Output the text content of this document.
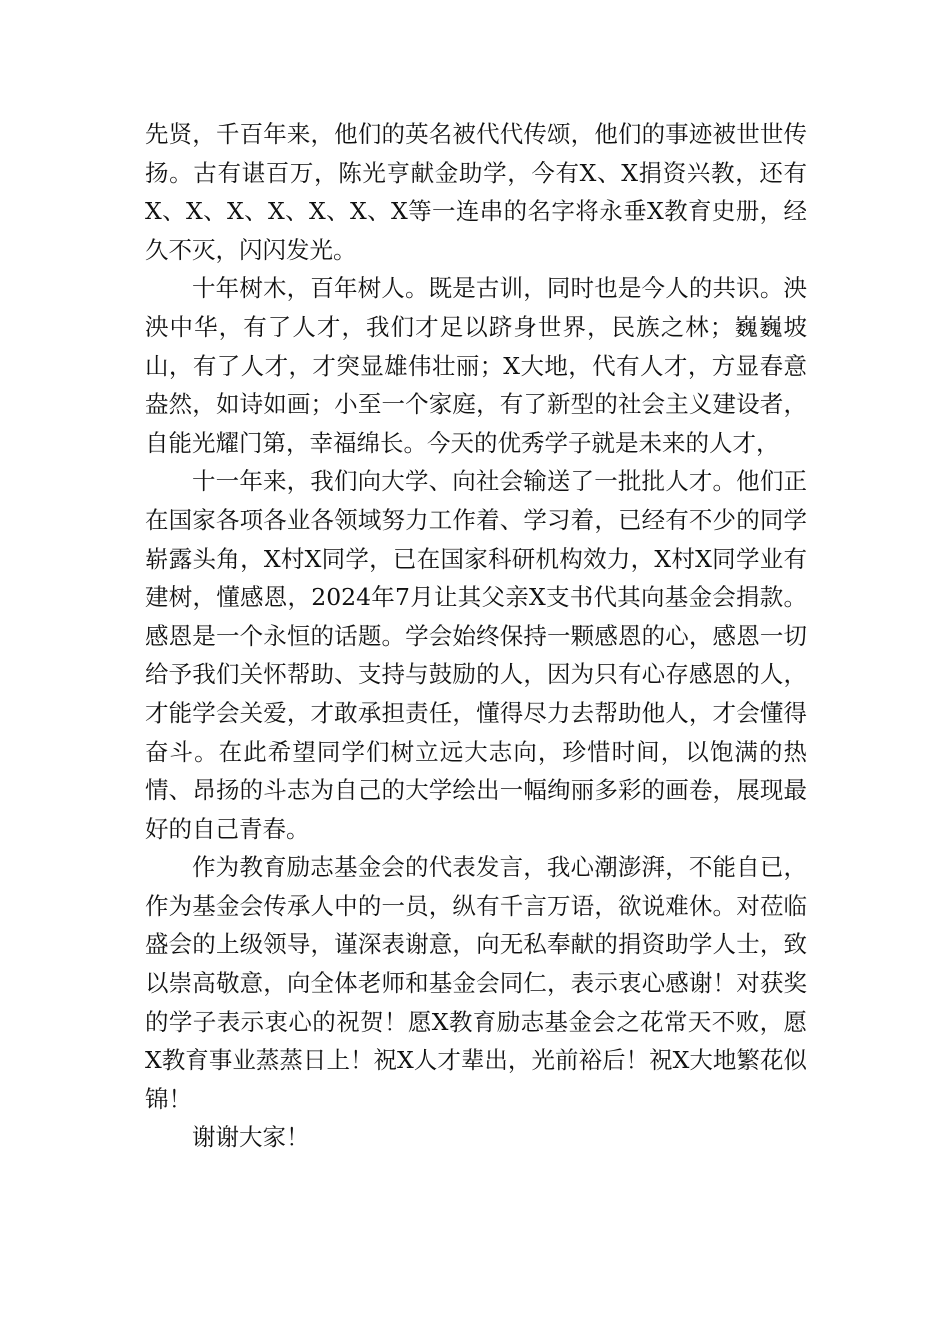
先贤，千百年来，他们的英名被代代传颂，他们的事迹被世世传扬。古有谌百万，陈光亨献金助学，今有X、X捐资兴教，还有X、X、X、X、X、X、X等一连串的名字将永垂X教育史册，经久不灭，闪闪发光。

十年树木，百年树人。既是古训，同时也是今人的共识。泱泱中华，有了人才，我们才足以跻身世界，民族之林；巍巍坡山，有了人才，才突显雄伟壮丽；X大地，代有人才，方显春意盎然，如诗如画；小至一个家庭，有了新型的社会主义建设者，自能光耀门第，幸福绵长。今天的优秀学子就是未来的人才，

十一年来，我们向大学、向社会输送了一批批人才。他们正在国家各项各业各领域努力工作着、学习着，已经有不少的同学崭露头角，X村X同学，已在国家科研机构效力，X村X同学业有建树，懂感恩，2024年7月让其父亲X支书代其向基金会捐款。感恩是一个永恒的话题。学会始终保持一颗感恩的心，感恩一切给予我们关怀帮助、支持与鼓励的人，因为只有心存感恩的人，才能学会关爱，才敢承担责任，懂得尽力去帮助他人，才会懂得奋斗。在此希望同学们树立远大志向，珍惜时间，以饱满的热情、昂扬的斗志为自己的大学绘出一幅绚丽多彩的画卷，展现最好的自己青春。

作为教育励志基金会的代表发言，我心潮澎湃，不能自已，作为基金会传承人中的一员，纵有千言万语，欲说难休。对莅临盛会的上级领导，谨深表谢意，向无私奉献的捐资助学人士，致以崇高敬意，向全体老师和基金会同仁，表示衷心感谢！对获奖的学子表示衷心的祝贺！愿X教育励志基金会之花常天不败，愿X教育事业蒸蒸日上！祝X人才辈出，光前裕后！祝X大地繁花似锦！

谢谢大家！
